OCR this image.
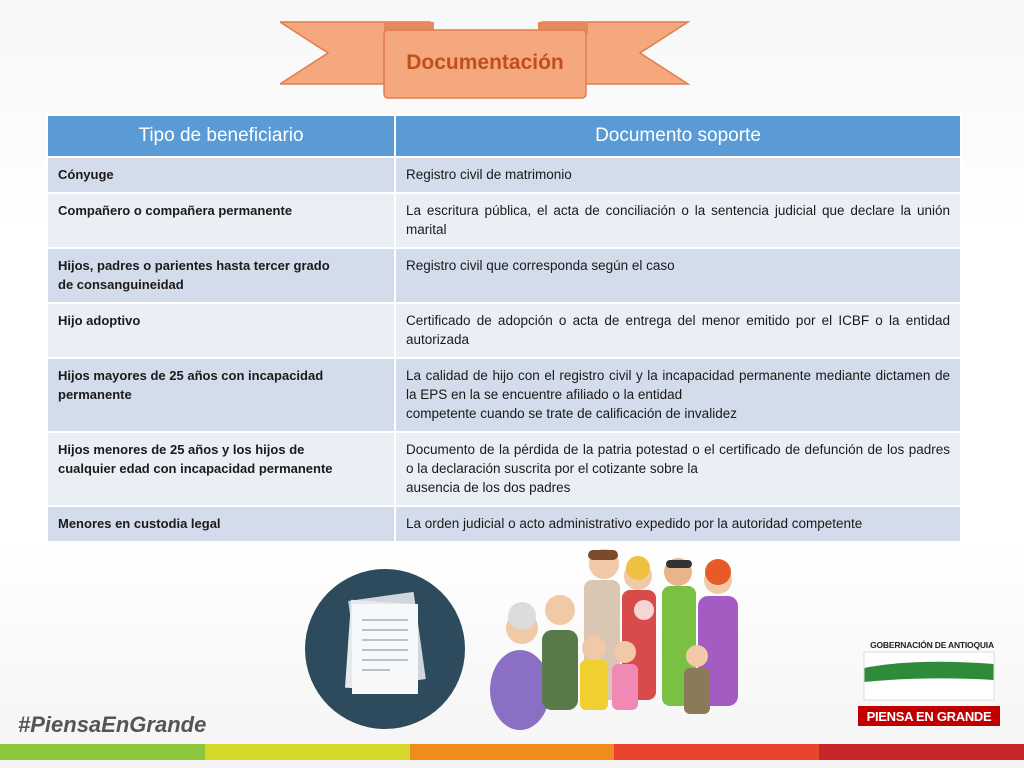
Documentación
Tipo de beneficiario	Documento soporte
Cónyuge	Registro civil de matrimonio

Compañero o compañera permanente	La escritura pública, el acta de conciliación o la sentencia judicial que declare la unión marital

Hijos, padres o parientes hasta tercer grado
de consanguineidad	Registro civil que corresponda según el caso

Hijo adoptivo	Certificado de adopción o acta de entrega del menor emitido por el ICBF o la entidad autorizada

Hijos mayores de 25 años con incapacidad
permanente	La calidad de hijo con el registro civil y la incapacidad permanente mediante dictamen de la EPS en la se encuentre afiliado o la entidad
competente cuando se trate de calificación de invalidez

Hijos menores de 25 años y los hijos de
cualquier edad con incapacidad permanente	Documento de la pérdida de la patria potestad o el certificado de defunción de los padres o la declaración suscrita por el cotizante sobre la
ausencia de los dos padres

Menores en custodia legal	La orden judicial o acto administrativo expedido por la autoridad competente
GOBERNACIÓN DE ANTIOQUIA
PIENSA EN GRANDE
#PiensaEnGrande
